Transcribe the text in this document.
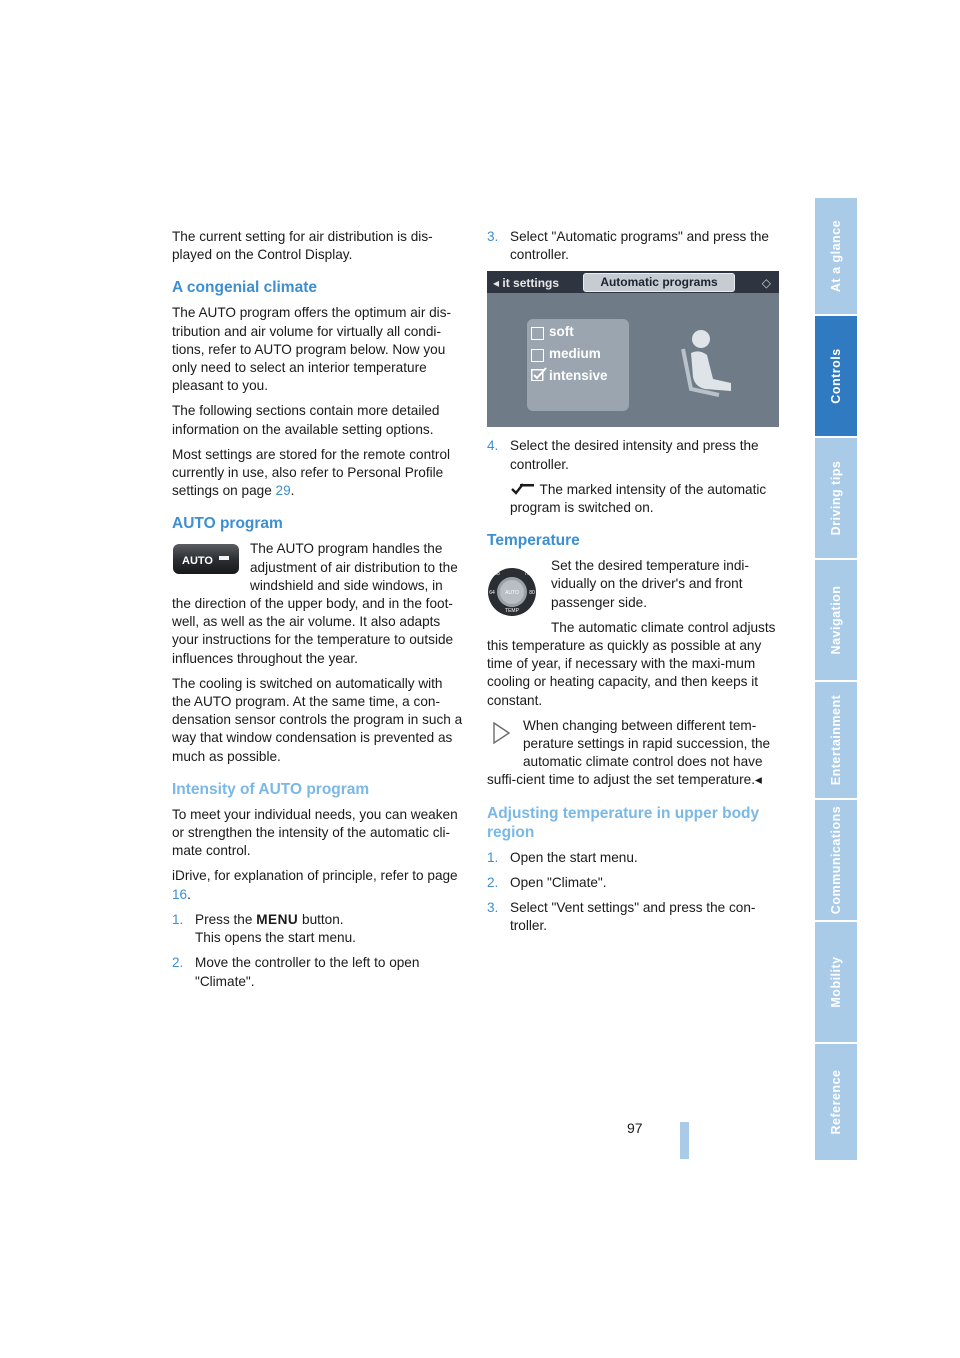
The current setting for air distribution is dis-
played on the Control Display.

A congenial climate

The AUTO program offers the optimum air dis-tribution and air volume for virtually all condi-tions, refer to AUTO program below. Now you only need to select an interior temperature pleasant to you.

The following sections contain more detailed information on the available setting options.

Most settings are stored for the remote control currently in use, also refer to Personal Profile settings on page 29.

AUTO program
AUTO

The AUTO program handles the adjustment of air distribution to the windshield and side windows, in the direction of the upper body, and in the foot-well, as well as the air volume. It also adapts your instructions for the temperature to outside influences throughout the year.

The cooling is switched on automatically with the AUTO program. At the same time, a con-densation sensor controls the program in such a way that window condensation is prevented as much as possible.

Intensity of AUTO program

To meet your individual needs, you can weaken or strengthen the intensity of the automatic cli-mate control.

iDrive, for explanation of principle, refer to page 16.

1. Press the MENU button.
This opens the start menu.
2. Move the controller to the left to open "Climate".
3. Select "Automatic programs" and press the controller.
◂ it settings	Automatic programs	◇
soft
medium
intensive
4. Select the desired intensity and press the controller.

The marked intensity of the automatic program is switched on.

Temperature
72
68	76
64	80
AUTO
TEMP

Set the desired temperature indi-vidually on the driver's and front passenger side.

The automatic climate control adjusts this temperature as quickly as possible at any time of year, if necessary with the maxi-mum cooling or heating capacity, and then keeps it constant.

When changing between different tem-perature settings in rapid succession, the automatic climate control does not have suffi-cient time to adjust the set temperature.◂

Adjusting temperature in upper body region
1. Open the start menu.
2. Open "Climate".
3. Select "Vent settings" and press the con-troller.
At a glance
Controls
Driving tips
Navigation
Entertainment
Communications
Mobility
Reference
97
